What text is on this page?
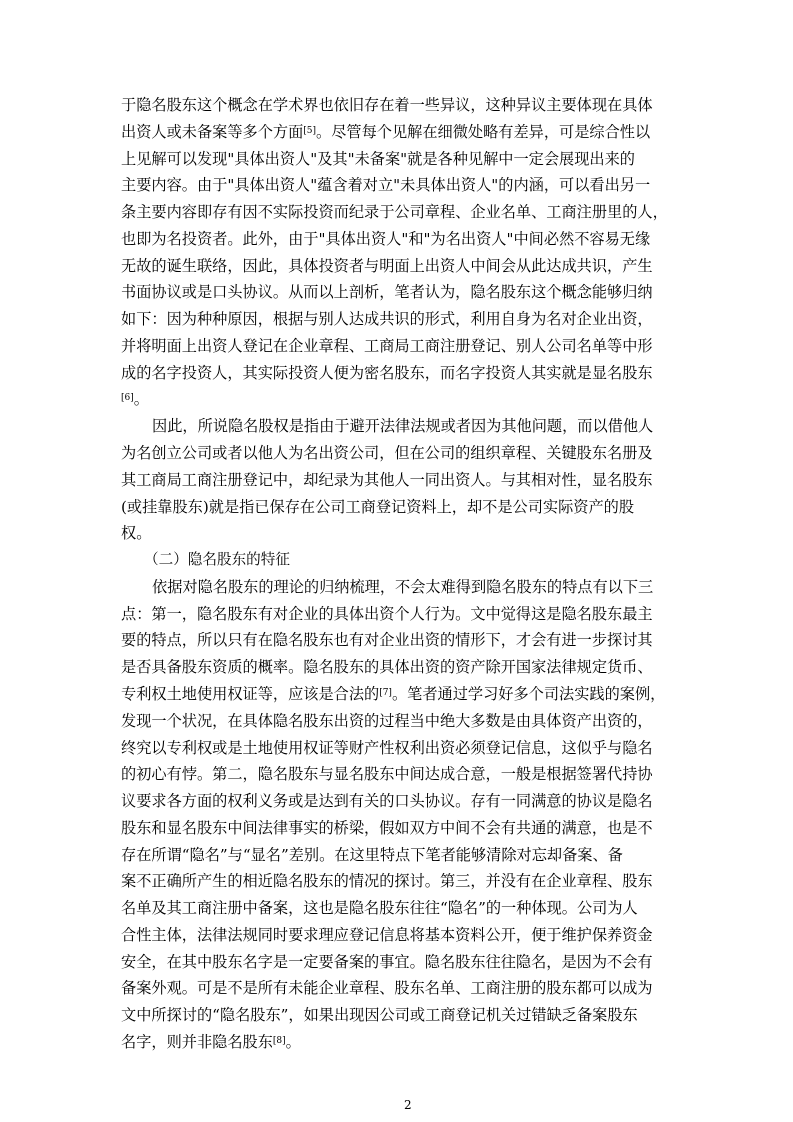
于隐名股东这个概念在学术界也依旧存在着一些异议，这种异议主要体现在具体
出资人或未备案等多个方面[5]。尽管每个见解在细微处略有差异，可是综合性以
上见解可以发现"具体出资人"及其"未备案"就是各种见解中一定会展现出来的
主要内容。由于"具体出资人"蕴含着对立"未具体出资人"的内涵，可以看出另一
条主要内容即存有因不实际投资而纪录于公司章程、企业名单、工商注册里的人，
也即为名投资者。此外，由于"具体出资人"和"为名出资人"中间必然不容易无缘
无故的诞生联络，因此，具体投资者与明面上出资人中间会从此达成共识，产生
书面协议或是口头协议。从而以上剖析，笔者认为，隐名股东这个概念能够归纳
如下：因为种种原因，根据与别人达成共识的形式，利用自身为名对企业出资，
并将明面上出资人登记在企业章程、工商局工商注册登记、别人公司名单等中形
成的名字投资人，其实际投资人便为密名股东，而名字投资人其实就是显名股东
[6]。
因此，所说隐名股权是指由于避开法律法规或者因为其他问题，而以借他人
为名创立公司或者以他人为名出资公司，但在公司的组织章程、关键股东名册及
其工商局工商注册登记中，却纪录为其他人一同出资人。与其相对性，显名股东
(或挂靠股东)就是指已保存在公司工商登记资料上，却不是公司实际资产的股
权。
（二）隐名股东的特征
依据对隐名股东的理论的归纳梳理，不会太难得到隐名股东的特点有以下三
点：第一，隐名股东有对企业的具体出资个人行为。文中觉得这是隐名股东最主
要的特点，所以只有在隐名股东也有对企业出资的情形下，才会有进一步探讨其
是否具备股东资质的概率。隐名股东的具体出资的资产除开国家法律规定货币、
专利权土地使用权证等，应该是合法的[7]。笔者通过学习好多个司法实践的案例，
发现一个状况，在具体隐名股东出资的过程当中绝大多数是由具体资产出资的，
终究以专利权或是土地使用权证等财产性权利出资必须登记信息，这似乎与隐名
的初心有悖。第二，隐名股东与显名股东中间达成合意，一般是根据签署代持协
议要求各方面的权利义务或是达到有关的口头协议。存有一同满意的协议是隐名
股东和显名股东中间法律事实的桥梁，假如双方中间不会有共通的满意，也是不
存在所谓“隐名”与“显名”差别。在这里特点下笔者能够清除对忘却备案、备
案不正确所产生的相近隐名股东的情况的探讨。第三，并没有在企业章程、股东
名单及其工商注册中备案，这也是隐名股东往往“隐名”的一种体现。公司为人
合性主体，法律法规同时要求理应登记信息将基本资料公开，便于维护保养资金
安全，在其中股东名字是一定要备案的事宜。隐名股东往往隐名，是因为不会有
备案外观。可是不是所有未能企业章程、股东名单、工商注册的股东都可以成为
文中所探讨的“隐名股东”，如果出现因公司或工商登记机关过错缺乏备案股东
名字，则并非隐名股东[8]。
2
